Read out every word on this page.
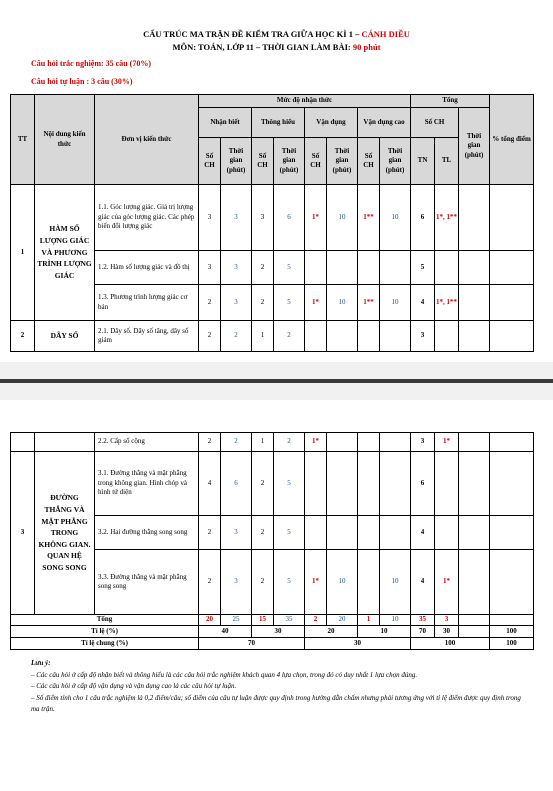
CẤU TRÚC MA TRẬN ĐỀ KIỂM TRA GIỮA HỌC KÌ 1 – CÁNH DIỀU
MÔN: TOÁN, LỚP 11 – THỜI GIAN LÀM BÀI: 90 phút
Câu hỏi trắc nghiệm: 35 câu (70%)
Câu hỏi tự luận : 3 câu (30%)
TT	Nội dung kiến thức	Đơn vị kiến thức	Mức độ nhận thức								Tổng			% tổng điểm
			Nhận biết		Thông hiểu		Vận dụng		Vận dụng cao		Số CH		Thời gian (phút)	
			Số CH	Thời gian (phút)	Số CH	Thời gian (phút)	Số CH	Thời gian (phút)	Số CH	Thời gian (phút)	TN	TL		
1	HÀM SỐ LƯỢNG GIÁC VÀ PHƯƠNG TRÌNH LƯỢNG GIÁC	1.1. Góc lượng giác. Giá trị lượng giác của góc lượng giác. Các phép biến đổi lượng giác	3	3	3	6	1*	10	1**	10	6	1*, 1**		
		1.2. Hàm số lượng giác và đồ thị	3	3	2	5					5			
		1.3. Phương trình lượng giác cơ bản	2	3	2	5	1*	10	1**	10	4	1*, 1**		
2	DÃY SỐ	2.1. Dãy số. Dãy số tăng, dãy số giảm	2	2	1	2					3			
		2.2. Cấp số cộng	2	2	1	2	1*				3	1*		
3	ĐƯỜNG THẲNG VÀ MẶT PHẲNG TRONG KHÔNG GIAN. QUAN HỆ SONG SONG	3.1. Đường thẳng và mặt phẳng trong không gian. Hình chóp và hình tứ diện	4	6	2	5					6			
		3.2. Hai đường thẳng song song	2	3	2	5					4			
		3.3. Đường thẳng và mặt phẳng song song	2	3	2	5	1*	10		10	4	1*		
Tổng			20	25	15	35	2	20	1	10	35	3		
Tỉ lệ (%)			40		30		20		10		70	30		100
Tỉ lệ chung (%)			70				30				100			100
Lưu ý:
– Các câu hỏi ở cấp độ nhận biết và thông hiểu là các câu hỏi trắc nghiệm khách quan 4 lựa chọn, trong đó có duy nhất 1 lựa chọn đúng.
– Các câu hỏi ở cấp độ vận dụng và vận dụng cao là các câu hỏi tự luận.
– Số điểm tính cho 1 câu trắc nghiệm là 0,2 điểm/câu; số điểm của câu tự luận được quy định trong hướng dẫn chấm nhưng phải tương ứng với tỉ lệ điểm được quy định trong ma trận.
